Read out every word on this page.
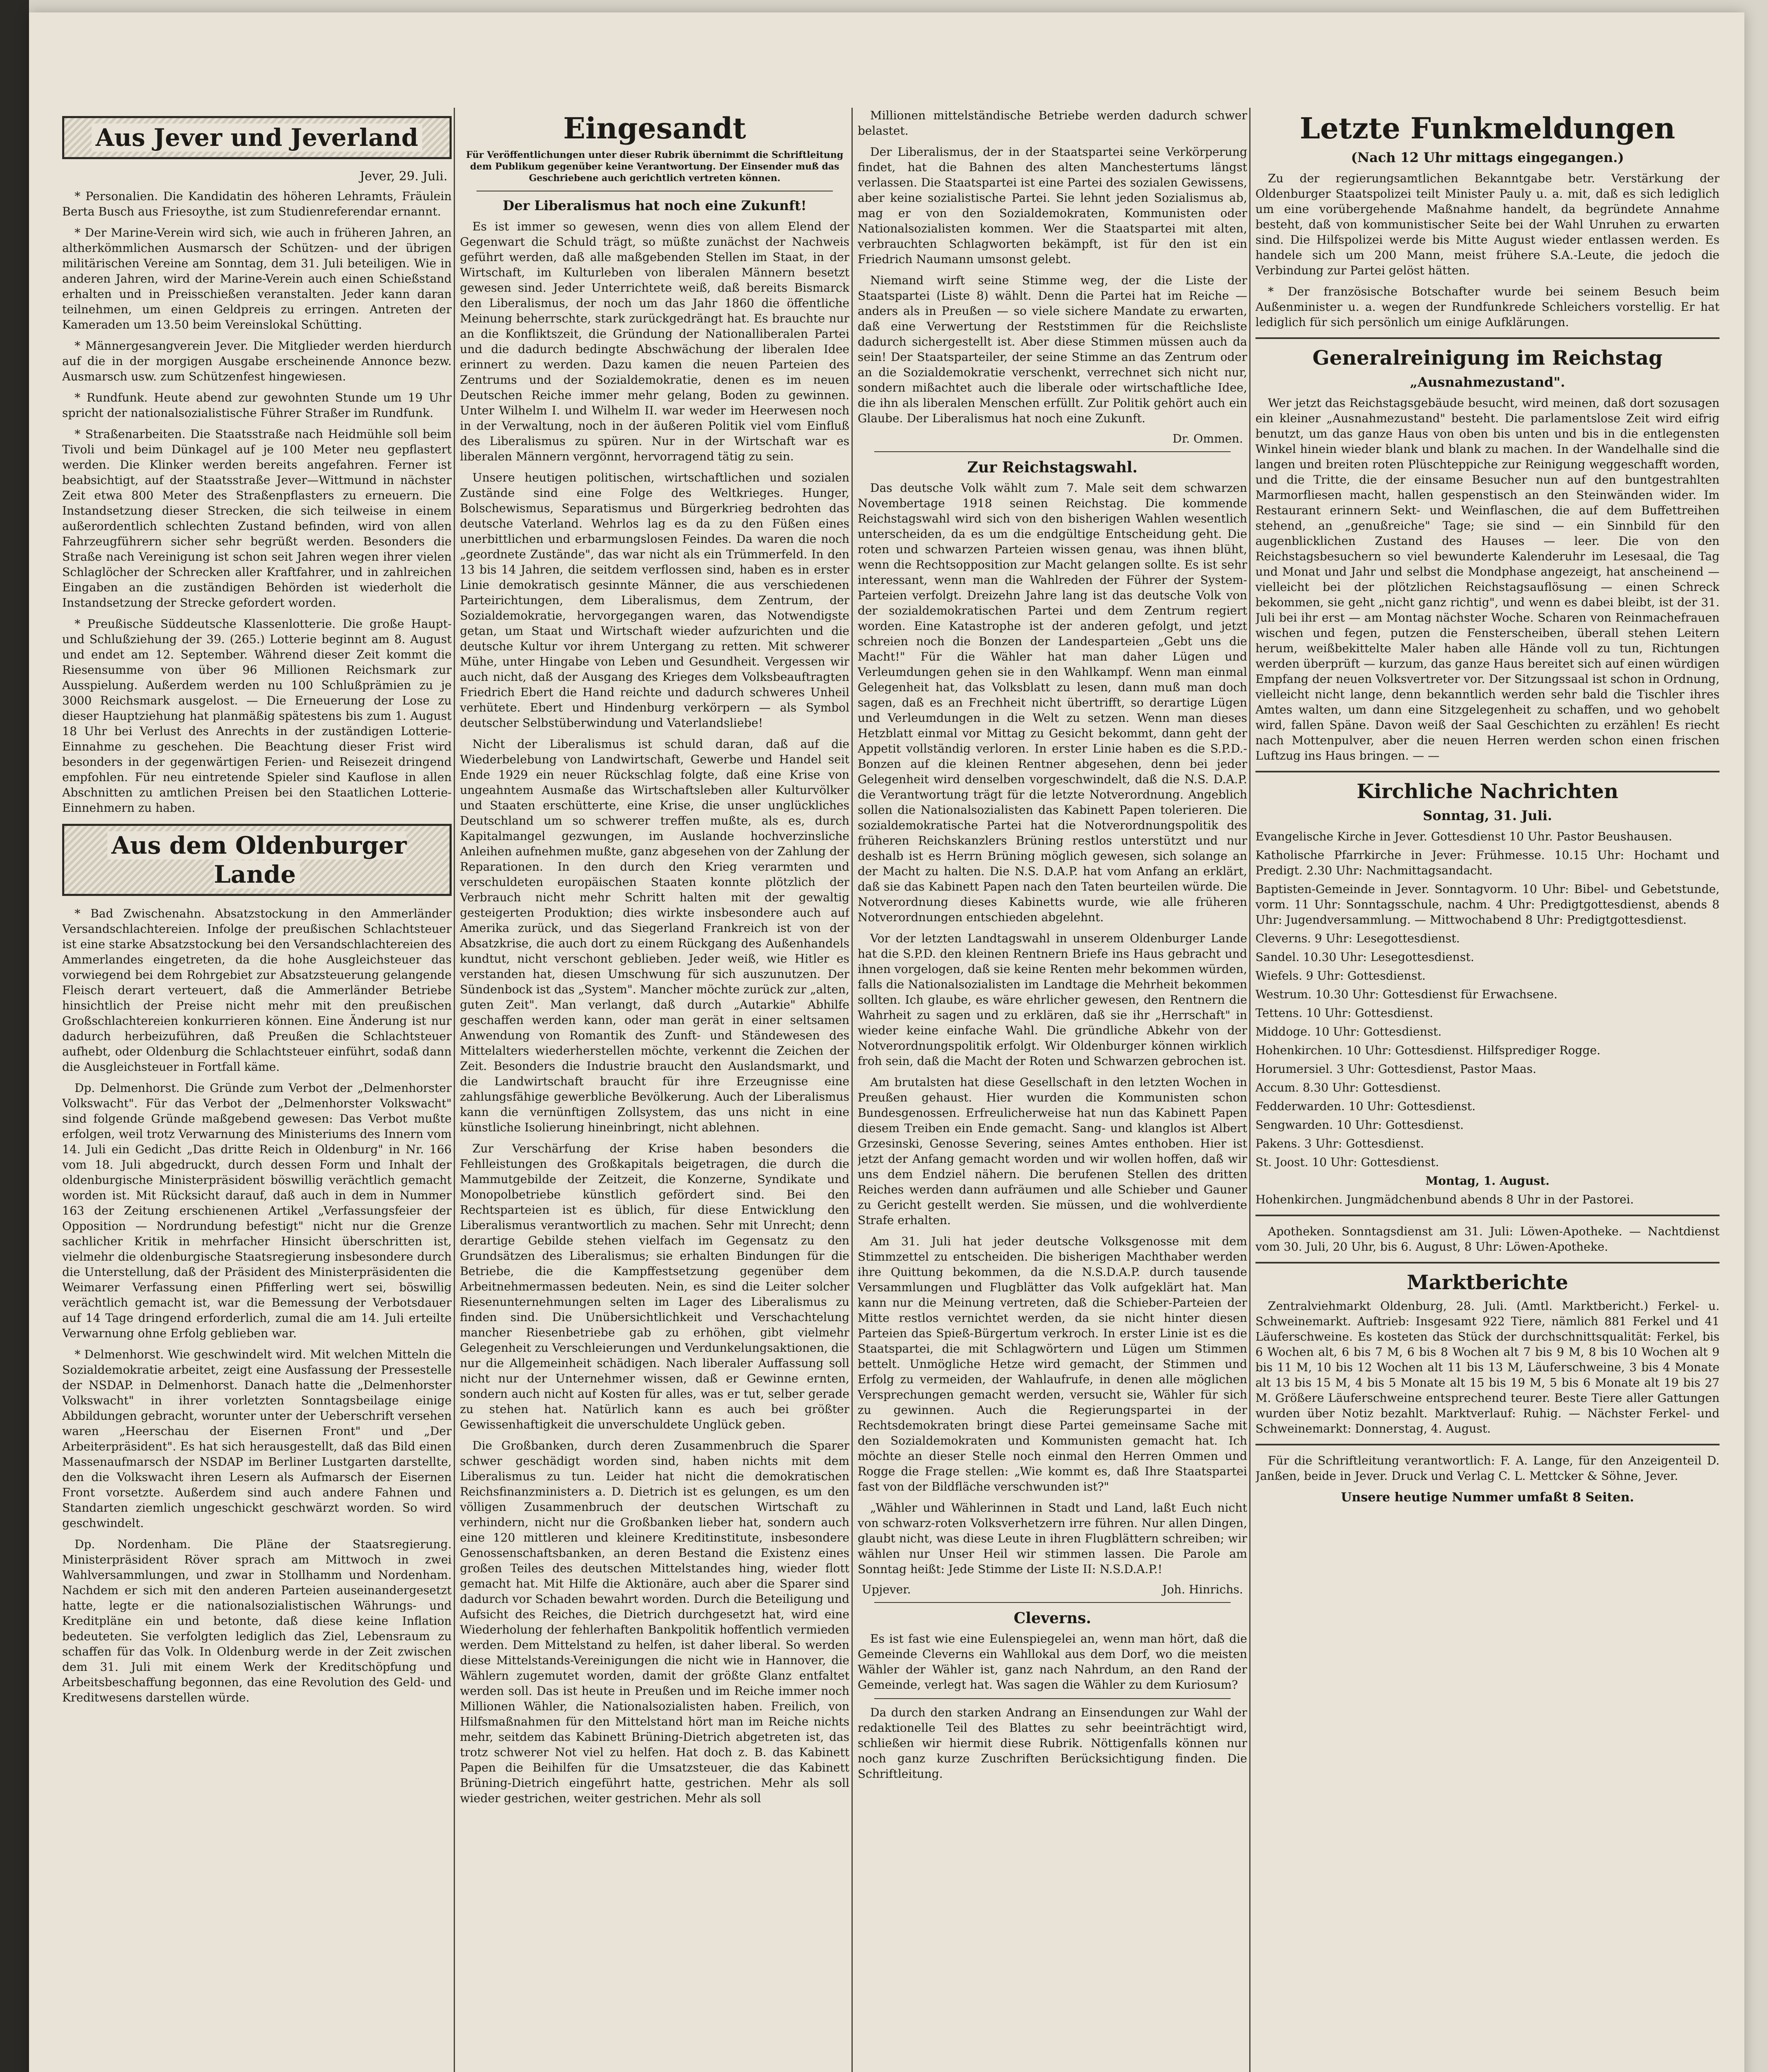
Aus Jever und Jeverland
Jever, 29. Juli.

* Personalien. Die Kandidatin des höheren Lehramts, Fräulein Berta Busch aus Friesoythe, ist zum Studienreferendar ernannt.

* Der Marine-Verein wird sich, wie auch in früheren Jahren, an altherkömmlichen Ausmarsch der Schützen- und der übrigen militärischen Vereine am Sonntag, dem 31. Juli beteiligen. Wie in anderen Jahren, wird der Marine-Verein auch einen Schießstand erhalten und in Preisschießen veranstalten. Jeder kann daran teilnehmen, um einen Geldpreis zu erringen. Antreten der Kameraden um 13.50 beim Vereinslokal Schütting.

* Männergesangverein Jever. Die Mitglieder werden hierdurch auf die in der morgigen Ausgabe erscheinende Annonce bezw. Ausmarsch usw. zum Schützenfest hingewiesen.

* Rundfunk. Heute abend zur gewohnten Stunde um 19 Uhr spricht der nationalsozialistische Führer Straßer im Rundfunk.

* Straßenarbeiten. Die Staatsstraße nach Heidmühle soll beim Tivoli und beim Dünkagel auf je 100 Meter neu gepflastert werden. Die Klinker werden bereits angefahren. Ferner ist beabsichtigt, auf der Staatsstraße Jever—Wittmund in nächster Zeit etwa 800 Meter des Straßenpflasters zu erneuern. Die Instandsetzung dieser Strecken, die sich teilweise in einem außerordentlich schlechten Zustand befinden, wird von allen Fahrzeugführern sicher sehr begrüßt werden. Besonders die Straße nach Vereinigung ist schon seit Jahren wegen ihrer vielen Schlaglöcher der Schrecken aller Kraftfahrer, und in zahlreichen Eingaben an die zuständigen Behörden ist wiederholt die Instandsetzung der Strecke gefordert worden.

* Preußische Süddeutsche Klassenlotterie. Die große Haupt- und Schlußziehung der 39. (265.) Lotterie beginnt am 8. August und endet am 12. September. Während dieser Zeit kommt die Riesensumme von über 96 Millionen Reichsmark zur Ausspielung. Außerdem werden nu 100 Schlußprämien zu je 3000 Reichsmark ausgelost. — Die Erneuerung der Lose zu dieser Hauptziehung hat planmäßig spätestens bis zum 1. August 18 Uhr bei Verlust des Anrechts in der zuständigen Lotterie-Einnahme zu geschehen. Die Beachtung dieser Frist wird besonders in der gegenwärtigen Ferien- und Reisezeit dringend empfohlen. Für neu eintretende Spieler sind Kauflose in allen Abschnitten zu amtlichen Preisen bei den Staatlichen Lotterie-Einnehmern zu haben.

Aus dem Oldenburger Lande

* Bad Zwischenahn. Absatzstockung in den Ammerländer Versandschlachtereien. Infolge der preußischen Schlachtsteuer ist eine starke Absatzstockung bei den Versandschlachtereien des Ammerlandes eingetreten, da die hohe Ausgleichsteuer das vorwiegend bei dem Rohrgebiet zur Absatzsteuerung gelangende Fleisch derart verteuert, daß die Ammerländer Betriebe hinsichtlich der Preise nicht mehr mit den preußischen Großschlachtereien konkurrieren können. Eine Änderung ist nur dadurch herbeizuführen, daß Preußen die Schlachtsteuer aufhebt, oder Oldenburg die Schlachtsteuer einführt, sodaß dann die Ausgleichsteuer in Fortfall käme.

Dp. Delmenhorst. Die Gründe zum Verbot der „Delmenhorster Volkswacht". Für das Verbot der „Delmenhorster Volkswacht" sind folgende Gründe maßgebend gewesen: Das Verbot mußte erfolgen, weil trotz Verwarnung des Ministeriums des Innern vom 14. Juli ein Gedicht „Das dritte Reich in Oldenburg" in Nr. 166 vom 18. Juli abgedruckt, durch dessen Form und Inhalt der oldenburgische Ministerpräsident böswillig verächtlich gemacht worden ist. Mit Rücksicht darauf, daß auch in dem in Nummer 163 der Zeitung erschienenen Artikel „Verfassungsfeier der Opposition — Nordrundung befestigt" nicht nur die Grenze sachlicher Kritik in mehrfacher Hinsicht überschritten ist, vielmehr die oldenburgische Staatsregierung insbesondere durch die Unterstellung, daß der Präsident des Ministerpräsidenten die Weimarer Verfassung einen Pfifferling wert sei, böswillig verächtlich gemacht ist, war die Bemessung der Verbotsdauer auf 14 Tage dringend erforderlich, zumal die am 14. Juli erteilte Verwarnung ohne Erfolg geblieben war.

* Delmenhorst. Wie geschwindelt wird. Mit welchen Mitteln die Sozialdemokratie arbeitet, zeigt eine Ausfassung der Pressestelle der NSDAP. in Delmenhorst. Danach hatte die „Delmenhorster Volkswacht" in ihrer vorletzten Sonntagsbeilage einige Abbildungen gebracht, worunter unter der Ueberschrift versehen waren „Heerschau der Eisernen Front" und „Der Arbeiterpräsident". Es hat sich herausgestellt, daß das Bild einen Massenaufmarsch der NSDAP im Berliner Lustgarten darstellte, den die Volkswacht ihren Lesern als Aufmarsch der Eisernen Front vorsetzte. Außerdem sind auch andere Fahnen und Standarten ziemlich ungeschickt geschwärzt worden. So wird geschwindelt.

Dp. Nordenham. Die Pläne der Staatsregierung. Ministerpräsident Röver sprach am Mittwoch in zwei Wahlversammlungen, und zwar in Stollhamm und Nordenham. Nachdem er sich mit den anderen Parteien auseinandergesetzt hatte, legte er die nationalsozialistischen Währungs- und Kreditpläne ein und betonte, daß diese keine Inflation bedeuteten. Sie verfolgten lediglich das Ziel, Lebensraum zu schaffen für das Volk. In Oldenburg werde in der Zeit zwischen dem 31. Juli mit einem Werk der Kreditschöpfung und Arbeitsbeschaffung begonnen, das eine Revolution des Geld- und Kreditwesens darstellen würde.

Eingesandt
Für Veröffentlichungen unter dieser Rubrik übernimmt die Schriftleitung dem Publikum gegenüber keine Verantwortung. Der Einsender muß das Geschriebene auch gerichtlich vertreten können.
Der Liberalismus hat noch eine Zukunft!

Es ist immer so gewesen, wenn dies von allem Elend der Gegenwart die Schuld trägt, so müßte zunächst der Nachweis geführt werden, daß alle maßgebenden Stellen im Staat, in der Wirtschaft, im Kulturleben von liberalen Männern besetzt gewesen sind. Jeder Unterrichtete weiß, daß bereits Bismarck den Liberalismus, der noch um das Jahr 1860 die öffentliche Meinung beherrschte, stark zurückgedrängt hat. Es brauchte nur an die Konfliktszeit, die Gründung der Nationalliberalen Partei und die dadurch bedingte Abschwächung der liberalen Idee erinnert zu werden. Dazu kamen die neuen Parteien des Zentrums und der Sozialdemokratie, denen es im neuen Deutschen Reiche immer mehr gelang, Boden zu gewinnen. Unter Wilhelm I. und Wilhelm II. war weder im Heerwesen noch in der Verwaltung, noch in der äußeren Politik viel vom Einfluß des Liberalismus zu spüren. Nur in der Wirtschaft war es liberalen Männern vergönnt, hervorragend tätig zu sein.

Unsere heutigen politischen, wirtschaftlichen und sozialen Zustände sind eine Folge des Weltkrieges. Hunger, Bolschewismus, Separatismus und Bürgerkrieg bedrohten das deutsche Vaterland. Wehrlos lag es da zu den Füßen eines unerbittlichen und erbarmungslosen Feindes. Da waren die noch „geordnete Zustände", das war nicht als ein Trümmerfeld. In den 13 bis 14 Jahren, die seitdem verflossen sind, haben es in erster Linie demokratisch gesinnte Männer, die aus verschiedenen Parteirichtungen, dem Liberalismus, dem Zentrum, der Sozialdemokratie, hervorgegangen waren, das Notwendigste getan, um Staat und Wirtschaft wieder aufzurichten und die deutsche Kultur vor ihrem Untergang zu retten. Mit schwerer Mühe, unter Hingabe von Leben und Gesundheit. Vergessen wir auch nicht, daß der Ausgang des Krieges dem Volksbeauftragten Friedrich Ebert die Hand reichte und dadurch schweres Unheil verhütete. Ebert und Hindenburg verkörpern — als Symbol deutscher Selbstüberwindung und Vaterlandsliebe!

Nicht der Liberalismus ist schuld daran, daß auf die Wiederbelebung von Landwirtschaft, Gewerbe und Handel seit Ende 1929 ein neuer Rückschlag folgte, daß eine Krise von ungeahntem Ausmaße das Wirtschaftsleben aller Kulturvölker und Staaten erschütterte, eine Krise, die unser unglückliches Deutschland um so schwerer treffen mußte, als es, durch Kapitalmangel gezwungen, im Auslande hochverzinsliche Anleihen aufnehmen mußte, ganz abgesehen von der Zahlung der Reparationen. In den durch den Krieg verarmten und verschuldeten europäischen Staaten konnte plötzlich der Verbrauch nicht mehr Schritt halten mit der gewaltig gesteigerten Produktion; dies wirkte insbesondere auch auf Amerika zurück, und das Siegerland Frankreich ist von der Absatzkrise, die auch dort zu einem Rückgang des Außenhandels kundtut, nicht verschont geblieben. Jeder weiß, wie Hitler es verstanden hat, diesen Umschwung für sich auszunutzen. Der Sündenbock ist das „System". Mancher möchte zurück zur „alten, guten Zeit". Man verlangt, daß durch „Autarkie" Abhilfe geschaffen werden kann, oder man gerät in einer seltsamen Anwendung von Romantik des Zunft- und Ständewesen des Mittelalters wiederherstellen möchte, verkennt die Zeichen der Zeit. Besonders die Industrie braucht den Auslandsmarkt, und die Landwirtschaft braucht für ihre Erzeugnisse eine zahlungsfähige gewerbliche Bevölkerung. Auch der Liberalismus kann die vernünftigen Zollsystem, das uns nicht in eine künstliche Isolierung hineinbringt, nicht ablehnen.

Zur Verschärfung der Krise haben besonders die Fehlleistungen des Großkapitals beigetragen, die durch die Mammutgebilde der Zeitzeit, die Konzerne, Syndikate und Monopolbetriebe künstlich gefördert sind. Bei den Rechtsparteien ist es üblich, für diese Entwicklung den Liberalismus verantwortlich zu machen. Sehr mit Unrecht; denn derartige Gebilde stehen vielfach im Gegensatz zu den Grundsätzen des Liberalismus; sie erhalten Bindungen für die Betriebe, die die Kampffestsetzung gegenüber dem Arbeitnehmermassen bedeuten. Nein, es sind die Leiter solcher Riesenunternehmungen selten im Lager des Liberalismus zu finden sind. Die Unübersichtlichkeit und Verschachtelung mancher Riesenbetriebe gab zu erhöhen, gibt vielmehr Gelegenheit zu Verschleierungen und Verdunkelungsaktionen, die nur die Allgemeinheit schädigen. Nach liberaler Auffassung soll nicht nur der Unternehmer wissen, daß er Gewinne ernten, sondern auch nicht auf Kosten für alles, was er tut, selber gerade zu stehen hat. Natürlich kann es auch bei größter Gewissenhaftigkeit die unverschuldete Unglück geben.

Die Großbanken, durch deren Zusammenbruch die Sparer schwer geschädigt worden sind, haben nichts mit dem Liberalismus zu tun. Leider hat nicht die demokratischen Reichsfinanzministers a. D. Dietrich ist es gelungen, es um den völligen Zusammenbruch der deutschen Wirtschaft zu verhindern, nicht nur die Großbanken lieber hat, sondern auch eine 120 mittleren und kleinere Kreditinstitute, insbesondere Genossenschaftsbanken, an deren Bestand die Existenz eines großen Teiles des deutschen Mittelstandes hing, wieder flott gemacht hat. Mit Hilfe die Aktionäre, auch aber die Sparer sind dadurch vor Schaden bewahrt worden. Durch die Beteiligung und Aufsicht des Reiches, die Dietrich durchgesetzt hat, wird eine Wiederholung der fehlerhaften Bankpolitik hoffentlich vermieden werden. Dem Mittelstand zu helfen, ist daher liberal. So werden diese Mittelstands-Vereinigungen die nicht wie in Hannover, die Wählern zugemutet worden, damit der größte Glanz entfaltet werden soll. Das ist heute in Preußen und im Reiche immer noch Millionen Wähler, die Nationalsozialisten haben. Freilich, von Hilfsmaßnahmen für den Mittelstand hört man im Reiche nichts mehr, seitdem das Kabinett Brüning-Dietrich abgetreten ist, das trotz schwerer Not viel zu helfen. Hat doch z. B. das Kabinett Papen die Beihilfen für die Umsatzsteuer, die das Kabinett Brüning-Dietrich eingeführt hatte, gestrichen. Mehr als soll wieder gestrichen, weiter gestrichen. Mehr als soll

Millionen mittelständische Betriebe werden dadurch schwer belastet.

Der Liberalismus, der in der Staatspartei seine Verkörperung findet, hat die Bahnen des alten Manchestertums längst verlassen. Die Staatspartei ist eine Partei des sozialen Gewissens, aber keine sozialistische Partei. Sie lehnt jeden Sozialismus ab, mag er von den Sozialdemokraten, Kommunisten oder Nationalsozialisten kommen. Wer die Staatspartei mit alten, verbrauchten Schlagworten bekämpft, ist für den ist ein Friedrich Naumann umsonst gelebt.

Niemand wirft seine Stimme weg, der die Liste der Staatspartei (Liste 8) wählt. Denn die Partei hat im Reiche — anders als in Preußen — so viele sichere Mandate zu erwarten, daß eine Verwertung der Reststimmen für die Reichsliste dadurch sichergestellt ist. Aber diese Stimmen müssen auch da sein! Der Staatsparteiler, der seine Stimme an das Zentrum oder an die Sozialdemokratie verschenkt, verrechnet sich nicht nur, sondern mißachtet auch die liberale oder wirtschaftliche Idee, die ihn als liberalen Menschen erfüllt. Zur Politik gehört auch ein Glaube. Der Liberalismus hat noch eine Zukunft.

Dr. Ommen.
Zur Reichstagswahl.

Das deutsche Volk wählt zum 7. Male seit dem schwarzen Novembertage 1918 seinen Reichstag. Die kommende Reichstagswahl wird sich von den bisherigen Wahlen wesentlich unterscheiden, da es um die endgültige Entscheidung geht. Die roten und schwarzen Parteien wissen genau, was ihnen blüht, wenn die Rechtsopposition zur Macht gelangen sollte. Es ist sehr interessant, wenn man die Wahlreden der Führer der System-Parteien verfolgt. Dreizehn Jahre lang ist das deutsche Volk von der sozialdemokratischen Partei und dem Zentrum regiert worden. Eine Katastrophe ist der anderen gefolgt, und jetzt schreien noch die Bonzen der Landesparteien „Gebt uns die Macht!" Für die Wähler hat man daher Lügen und Verleumdungen gehen sie in den Wahlkampf. Wenn man einmal Gelegenheit hat, das Volksblatt zu lesen, dann muß man doch sagen, daß es an Frechheit nicht übertrifft, so derartige Lügen und Verleumdungen in die Welt zu setzen. Wenn man dieses Hetzblatt einmal vor Mittag zu Gesicht bekommt, dann geht der Appetit vollständig verloren. In erster Linie haben es die S.P.D.-Bonzen auf die kleinen Rentner abgesehen, denn bei jeder Gelegenheit wird denselben vorgeschwindelt, daß die N.S. D.A.P. die Verantwortung trägt für die letzte Notverordnung. Angeblich sollen die Nationalsozialisten das Kabinett Papen tolerieren. Die sozialdemokratische Partei hat die Notverordnungspolitik des früheren Reichskanzlers Brüning restlos unterstützt und nur deshalb ist es Herrn Brüning möglich gewesen, sich solange an der Macht zu halten. Die N.S. D.A.P. hat vom Anfang an erklärt, daß sie das Kabinett Papen nach den Taten beurteilen würde. Die Notverordnung dieses Kabinetts wurde, wie alle früheren Notverordnungen entschieden abgelehnt.

Vor der letzten Landtagswahl in unserem Oldenburger Lande hat die S.P.D. den kleinen Rentnern Briefe ins Haus gebracht und ihnen vorgelogen, daß sie keine Renten mehr bekommen würden, falls die Nationalsozialisten im Landtage die Mehrheit bekommen sollten. Ich glaube, es wäre ehrlicher gewesen, den Rentnern die Wahrheit zu sagen und zu erklären, daß sie ihr „Herrschaft" in wieder keine einfache Wahl. Die gründliche Abkehr von der Notverordnungspolitik erfolgt. Wir Oldenburger können wirklich froh sein, daß die Macht der Roten und Schwarzen gebrochen ist.

Am brutalsten hat diese Gesellschaft in den letzten Wochen in Preußen gehaust. Hier wurden die Kommunisten schon Bundesgenossen. Erfreulicherweise hat nun das Kabinett Papen diesem Treiben ein Ende gemacht. Sang- und klanglos ist Albert Grzesinski, Genosse Severing, seines Amtes enthoben. Hier ist jetzt der Anfang gemacht worden und wir wollen hoffen, daß wir uns dem Endziel nähern. Die berufenen Stellen des dritten Reiches werden dann aufräumen und alle Schieber und Gauner zu Gericht gestellt werden. Sie müssen, und die wohlverdiente Strafe erhalten.

Am 31. Juli hat jeder deutsche Volksgenosse mit dem Stimmzettel zu entscheiden. Die bisherigen Machthaber werden ihre Quittung bekommen, da die N.S.D.A.P. durch tausende Versammlungen und Flugblätter das Volk aufgeklärt hat. Man kann nur die Meinung vertreten, daß die Schieber-Parteien der Mitte restlos vernichtet werden, da sie nicht hinter diesen Parteien das Spieß-Bürgertum verkroch. In erster Linie ist es die Staatspartei, die mit Schlagwörtern und Lügen um Stimmen bettelt. Unmögliche Hetze wird gemacht, der Stimmen und Erfolg zu vermeiden, der Wahlaufrufe, in denen alle möglichen Versprechungen gemacht werden, versucht sie, Wähler für sich zu gewinnen. Auch die Regierungspartei in der Rechtsdemokraten bringt diese Partei gemeinsame Sache mit den Sozialdemokraten und Kommunisten gemacht hat. Ich möchte an dieser Stelle noch einmal den Herren Ommen und Rogge die Frage stellen: „Wie kommt es, daß Ihre Staatspartei fast von der Bildfläche verschwunden ist?"

„Wähler und Wählerinnen in Stadt und Land, laßt Euch nicht von schwarz-roten Volksverhetzern irre führen. Nur allen Dingen, glaubt nicht, was diese Leute in ihren Flugblättern schreiben; wir wählen nur Unser Heil wir stimmen lassen. Die Parole am Sonntag heißt: Jede Stimme der Liste II: N.S.D.A.P.!

Upjever.	Joh. Hinrichs.
Cleverns.

Es ist fast wie eine Eulenspiegelei an, wenn man hört, daß die Gemeinde Cleverns ein Wahllokal aus dem Dorf, wo die meisten Wähler der Wähler ist, ganz nach Nahrdum, an den Rand der Gemeinde, verlegt hat. Was sagen die Wähler zu dem Kuriosum?

Da durch den starken Andrang an Einsendungen zur Wahl der redaktionelle Teil des Blattes zu sehr beeinträchtigt wird, schließen wir hiermit diese Rubrik. Nöttigenfalls können nur noch ganz kurze Zuschriften Berücksichtigung finden. Die Schriftleitung.

Letzte Funkmeldungen
(Nach 12 Uhr mittags eingegangen.)

Zu der regierungsamtlichen Bekanntgabe betr. Verstärkung der Oldenburger Staatspolizei teilt Minister Pauly u. a. mit, daß es sich lediglich um eine vorübergehende Maßnahme handelt, da begründete Annahme besteht, daß von kommunistischer Seite bei der Wahl Unruhen zu erwarten sind. Die Hilfspolizei werde bis Mitte August wieder entlassen werden. Es handele sich um 200 Mann, meist frühere S.A.-Leute, die jedoch die Verbindung zur Partei gelöst hätten.

* Der französische Botschafter wurde bei seinem Besuch beim Außenminister u. a. wegen der Rundfunkrede Schleichers vorstellig. Er hat lediglich für sich persönlich um einige Aufklärungen.

Generalreinigung im Reichstag
„Ausnahmezustand".

Wer jetzt das Reichstagsgebäude besucht, wird meinen, daß dort sozusagen ein kleiner „Ausnahmezustand" besteht. Die parlamentslose Zeit wird eifrig benutzt, um das ganze Haus von oben bis unten und bis in die entlegensten Winkel hinein wieder blank und blank zu machen. In der Wandelhalle sind die langen und breiten roten Plüschteppiche zur Reinigung weggeschafft worden, und die Tritte, die der einsame Besucher nun auf den buntgestrahlten Marmorfliesen macht, hallen gespenstisch an den Steinwänden wider. Im Restaurant erinnern Sekt- und Weinflaschen, die auf dem Buffettreihen stehend, an „genußreiche" Tage; sie sind — ein Sinnbild für den augenblicklichen Zustand des Hauses — leer. Die von den Reichstagsbesuchern so viel bewunderte Kalenderuhr im Lesesaal, die Tag und Monat und Jahr und selbst die Mondphase angezeigt, hat anscheinend — vielleicht bei der plötzlichen Reichstagsauflösung — einen Schreck bekommen, sie geht „nicht ganz richtig", und wenn es dabei bleibt, ist der 31. Juli bei ihr erst — am Montag nächster Woche. Scharen von Reinmachefrauen wischen und fegen, putzen die Fensterscheiben, überall stehen Leitern herum, weißbekittelte Maler haben alle Hände voll zu tun, Richtungen werden überprüft — kurzum, das ganze Haus bereitet sich auf einen würdigen Empfang der neuen Volksvertreter vor. Der Sitzungssaal ist schon in Ordnung, vielleicht nicht lange, denn bekanntlich werden sehr bald die Tischler ihres Amtes walten, um dann eine Sitzgelegenheit zu schaffen, und wo gehobelt wird, fallen Späne. Davon weiß der Saal Geschichten zu erzählen! Es riecht nach Mottenpulver, aber die neuen Herren werden schon einen frischen Luftzug ins Haus bringen. — —

Kirchliche Nachrichten
Sonntag, 31. Juli.

Evangelische Kirche in Jever. Gottesdienst 10 Uhr. Pastor Beushausen.

Katholische Pfarrkirche in Jever: Frühmesse. 10.15 Uhr: Hochamt und Predigt. 2.30 Uhr: Nachmittagsandacht.

Baptisten-Gemeinde in Jever. Sonntagvorm. 10 Uhr: Bibel- und Gebetstunde, vorm. 11 Uhr: Sonntagsschule, nachm. 4 Uhr: Predigtgottesdienst, abends 8 Uhr: Jugendversammlung. — Mittwochabend 8 Uhr: Predigtgottesdienst.

Cleverns. 9 Uhr: Lesegottesdienst.

Sandel. 10.30 Uhr: Lesegottesdienst.

Wiefels. 9 Uhr: Gottesdienst.

Westrum. 10.30 Uhr: Gottesdienst für Erwachsene.

Tettens. 10 Uhr: Gottesdienst.

Middoge. 10 Uhr: Gottesdienst.

Hohenkirchen. 10 Uhr: Gottesdienst. Hilfsprediger Rogge.

Horumersiel. 3 Uhr: Gottesdienst, Pastor Maas.

Accum. 8.30 Uhr: Gottesdienst.

Fedderwarden. 10 Uhr: Gottesdienst.

Sengwarden. 10 Uhr: Gottesdienst.

Pakens. 3 Uhr: Gottesdienst.

St. Joost. 10 Uhr: Gottesdienst.

Montag, 1. August.

Hohenkirchen. Jungmädchenbund abends 8 Uhr in der Pastorei.

Apotheken. Sonntagsdienst am 31. Juli: Löwen-Apotheke. — Nachtdienst vom 30. Juli, 20 Uhr, bis 6. August, 8 Uhr: Löwen-Apotheke.

Marktberichte

Zentralviehmarkt Oldenburg, 28. Juli. (Amtl. Marktbericht.) Ferkel- u. Schweinemarkt. Auftrieb: Insgesamt 922 Tiere, nämlich 881 Ferkel und 41 Läuferschweine. Es kosteten das Stück der durchschnittsqualität: Ferkel, bis 6 Wochen alt, 6 bis 7 M, 6 bis 8 Wochen alt 7 bis 9 M, 8 bis 10 Wochen alt 9 bis 11 M, 10 bis 12 Wochen alt 11 bis 13 M, Läuferschweine, 3 bis 4 Monate alt 13 bis 15 M, 4 bis 5 Monate alt 15 bis 19 M, 5 bis 6 Monate alt 19 bis 27 M. Größere Läuferschweine entsprechend teurer. Beste Tiere aller Gattungen wurden über Notiz bezahlt. Marktverlauf: Ruhig. — Nächster Ferkel- und Schweinemarkt: Donnerstag, 4. August.

Für die Schriftleitung verantwortlich: F. A. Lange, für den Anzeigenteil D. Janßen, beide in Jever. Druck und Verlag C. L. Mettcker & Söhne, Jever.

Unsere heutige Nummer umfaßt 8 Seiten.
